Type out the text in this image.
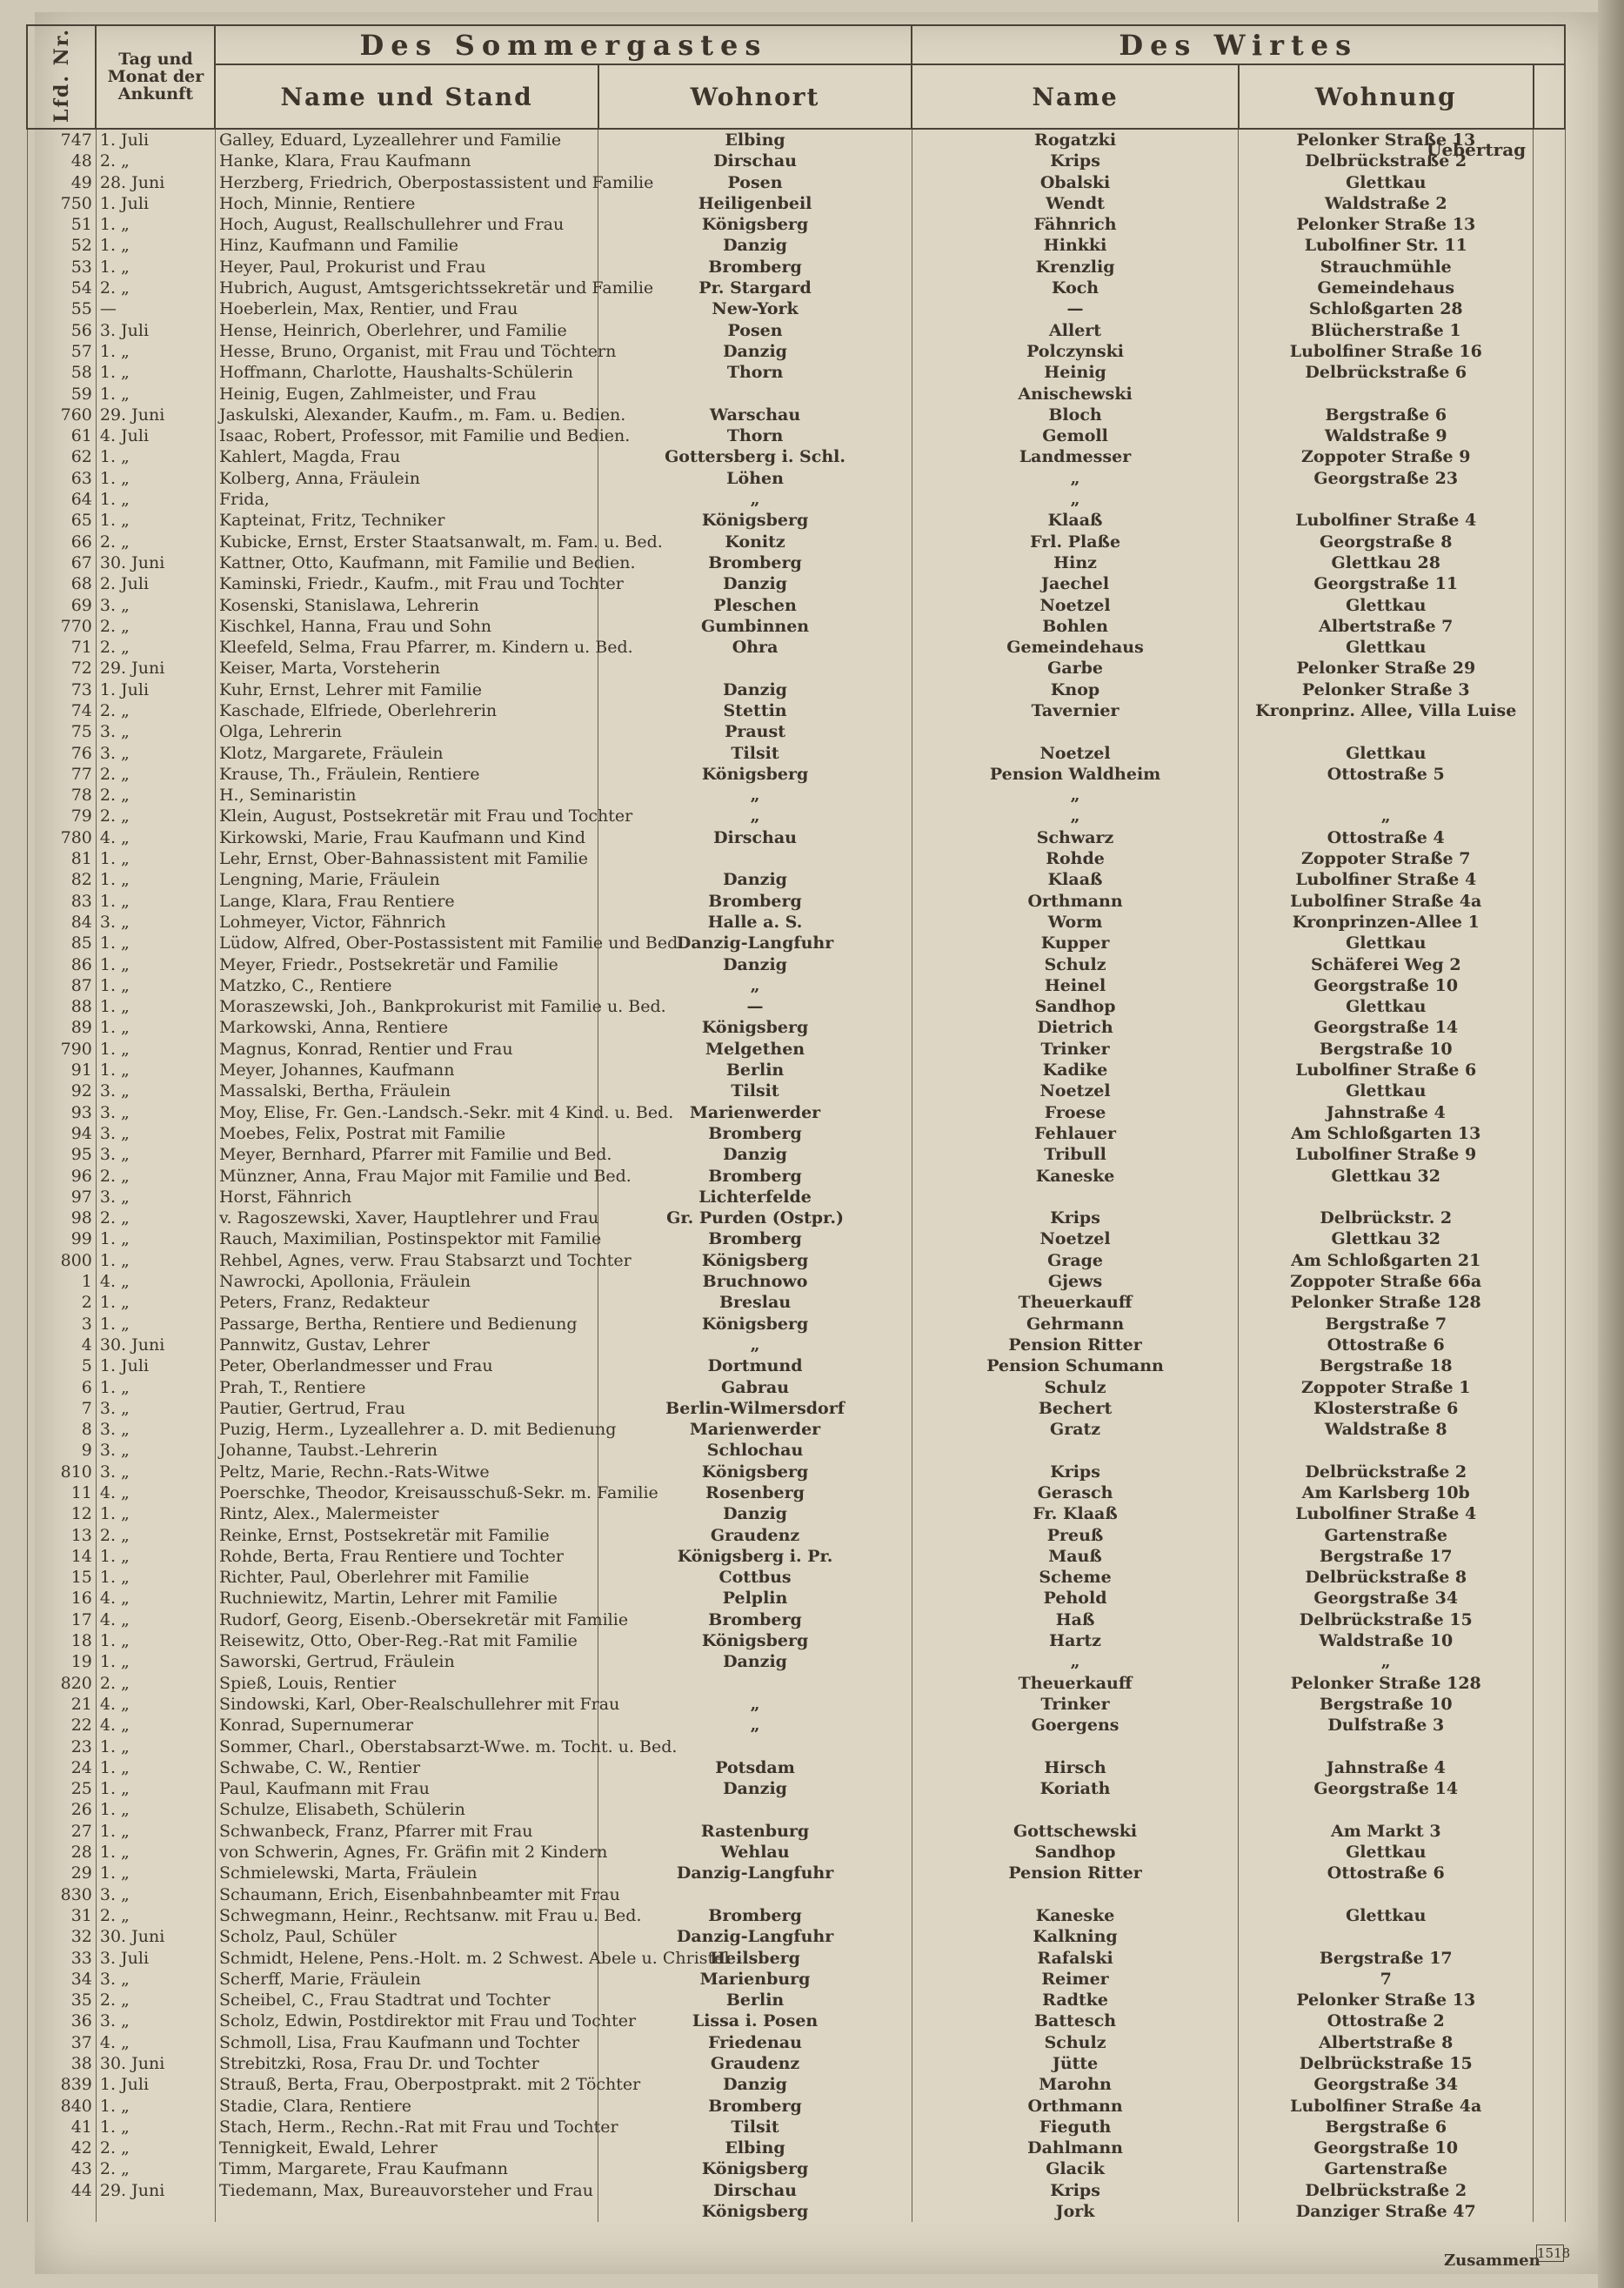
Lfd. Nr.	Tag und Monat der Ankunft	Des Sommergastes		Des Wirtes		
		Name und Stand	Wohnort	Name	Wohnung	
747	1. Juli	Galley, Eduard, Lyzeallehrer und Familie	Elbing	Rogatzki	Pelonker Straße 13	
48	2. „	Hanke, Klara, Frau Kaufmann	Dirschau	Krips	Delbrückstraße 2	
49	28. Juni	Herzberg, Friedrich, Oberpostassistent und Familie	Posen	Obalski	Glettkau	
750	1. Juli	Hoch, Minnie, Rentiere	Heiligenbeil	Wendt	Waldstraße 2	
51	1. „	Hoch, August, Reallschullehrer und Frau	Königsberg	Fähnrich	Pelonker Straße 13	
52	1. „	Hinz, Kaufmann und Familie	Danzig	Hinkki	Lubolfiner Str. 11	
53	1. „	Heyer, Paul, Prokurist und Frau	Bromberg	Krenzlig	Strauchmühle	
54	2. „	Hubrich, August, Amtsgerichtssekretär und Familie	Pr. Stargard	Koch	Gemeindehaus	
55	—	Hoeberlein, Max, Rentier, und Frau	New-York	—	Schloßgarten 28	
56	3. Juli	Hense, Heinrich, Oberlehrer, und Familie	Posen	Allert	Blücherstraße 1	
57	1. „	Hesse, Bruno, Organist, mit Frau und Töchtern	Danzig	Polczynski	Lubolfiner Straße 16	
58	1. „	Hoffmann, Charlotte, Haushalts-Schülerin	Thorn	Heinig	Delbrückstraße 6	
59	1. „	Heinig, Eugen, Zahlmeister, und Frau		Anischewski		
760	29. Juni	Jaskulski, Alexander, Kaufm., m. Fam. u. Bedien.	Warschau	Bloch	Bergstraße 6	
61	4. Juli	Isaac, Robert, Professor, mit Familie und Bedien.	Thorn	Gemoll	Waldstraße 9	
62	1. „	Kahlert, Magda, Frau	Gottersberg i. Schl.	Landmesser	Zoppoter Straße 9	
63	1. „	Kolberg, Anna, Fräulein	Löhen	„	Georgstraße 23	
64	1. „	Frida,	„	„		
65	1. „	Kapteinat, Fritz, Techniker	Königsberg	Klaaß	Lubolfiner Straße 4	
66	2. „	Kubicke, Ernst, Erster Staatsanwalt, m. Fam. u. Bed.	Konitz	Frl. Plaße	Georgstraße 8	
67	30. Juni	Kattner, Otto, Kaufmann, mit Familie und Bedien.	Bromberg	Hinz	Glettkau 28	
68	2. Juli	Kaminski, Friedr., Kaufm., mit Frau und Tochter	Danzig	Jaechel	Georgstraße 11	
69	3. „	Kosenski, Stanislawa, Lehrerin	Pleschen	Noetzel	Glettkau	
770	2. „	Kischkel, Hanna, Frau und Sohn	Gumbinnen	Bohlen	Albertstraße 7	
71	2. „	Kleefeld, Selma, Frau Pfarrer, m. Kindern u. Bed.	Ohra	Gemeindehaus	Glettkau	
72	29. Juni	Keiser, Marta, Vorsteherin		Garbe	Pelonker Straße 29	
73	1. Juli	Kuhr, Ernst, Lehrer mit Familie	Danzig	Knop	Pelonker Straße 3	
74	2. „	Kaschade, Elfriede, Oberlehrerin	Stettin	Tavernier	Kronprinz. Allee, Villa Luise	
75	3. „	Olga, Lehrerin	Praust			
76	3. „	Klotz, Margarete, Fräulein	Tilsit	Noetzel	Glettkau	
77	2. „	Krause, Th., Fräulein, Rentiere	Königsberg	Pension Waldheim	Ottostraße 5	
78	2. „	H., Seminaristin	„	„		
79	2. „	Klein, August, Postsekretär mit Frau und Tochter	„	„	„	
780	4. „	Kirkowski, Marie, Frau Kaufmann und Kind	Dirschau	Schwarz	Ottostraße 4	
81	1. „	Lehr, Ernst, Ober-Bahnassistent mit Familie		Rohde	Zoppoter Straße 7	
82	1. „	Lengning, Marie, Fräulein	Danzig	Klaaß	Lubolfiner Straße 4	
83	1. „	Lange, Klara, Frau Rentiere	Bromberg	Orthmann	Lubolfiner Straße 4a	
84	3. „	Lohmeyer, Victor, Fähnrich	Halle a. S.	Worm	Kronprinzen-Allee 1	
85	1. „	Lüdow, Alfred, Ober-Postassistent mit Familie und Bed.	Danzig-Langfuhr	Kupper	Glettkau	
86	1. „	Meyer, Friedr., Postsekretär und Familie	Danzig	Schulz	Schäferei Weg 2	
87	1. „	Matzko, C., Rentiere	„	Heinel	Georgstraße 10	
88	1. „	Moraszewski, Joh., Bankprokurist mit Familie u. Bed.	—	Sandhop	Glettkau	
89	1. „	Markowski, Anna, Rentiere	Königsberg	Dietrich	Georgstraße 14	
790	1. „	Magnus, Konrad, Rentier und Frau	Melgethen	Trinker	Bergstraße 10	
91	1. „	Meyer, Johannes, Kaufmann	Berlin	Kadike	Lubolfiner Straße 6	
92	3. „	Massalski, Bertha, Fräulein	Tilsit	Noetzel	Glettkau	
93	3. „	Moy, Elise, Fr. Gen.-Landsch.-Sekr. mit 4 Kind. u. Bed.	Marienwerder	Froese	Jahnstraße 4	
94	3. „	Moebes, Felix, Postrat mit Familie	Bromberg	Fehlauer	Am Schloßgarten 13	
95	3. „	Meyer, Bernhard, Pfarrer mit Familie und Bed.	Danzig	Tribull	Lubolfiner Straße 9	
96	2. „	Münzner, Anna, Frau Major mit Familie und Bed.	Bromberg	Kaneske	Glettkau 32	
97	3. „	Horst, Fähnrich	Lichterfelde			
98	2. „	v. Ragoszewski, Xaver, Hauptlehrer und Frau	Gr. Purden (Ostpr.)	Krips	Delbrückstr. 2	
99	1. „	Rauch, Maximilian, Postinspektor mit Familie	Bromberg	Noetzel	Glettkau 32	
800	1. „	Rehbel, Agnes, verw. Frau Stabsarzt und Tochter	Königsberg	Grage	Am Schloßgarten 21	
1	4. „	Nawrocki, Apollonia, Fräulein	Bruchnowo	Gjews	Zoppoter Straße 66a	
2	1. „	Peters, Franz, Redakteur	Breslau	Theuerkauff	Pelonker Straße 128	
3	1. „	Passarge, Bertha, Rentiere und Bedienung	Königsberg	Gehrmann	Bergstraße 7	
4	30. Juni	Pannwitz, Gustav, Lehrer	„	Pension Ritter	Ottostraße 6	
5	1. Juli	Peter, Oberlandmesser und Frau	Dortmund	Pension Schumann	Bergstraße 18	
6	1. „	Prah, T., Rentiere	Gabrau	Schulz	Zoppoter Straße 1	
7	3. „	Pautier, Gertrud, Frau	Berlin-Wilmersdorf	Bechert	Klosterstraße 6	
8	3. „	Puzig, Herm., Lyzeallehrer a. D. mit Bedienung	Marienwerder	Gratz	Waldstraße 8	
9	3. „	Johanne, Taubst.-Lehrerin	Schlochau			
810	3. „	Peltz, Marie, Rechn.-Rats-Witwe	Königsberg	Krips	Delbrückstraße 2	
11	4. „	Poerschke, Theodor, Kreisausschuß-Sekr. m. Familie	Rosenberg	Gerasch	Am Karlsberg 10b	
12	1. „	Rintz, Alex., Malermeister	Danzig	Fr. Klaaß	Lubolfiner Straße 4	
13	2. „	Reinke, Ernst, Postsekretär mit Familie	Graudenz	Preuß	Gartenstraße	
14	1. „	Rohde, Berta, Frau Rentiere und Tochter	Königsberg i. Pr.	Mauß	Bergstraße 17	
15	1. „	Richter, Paul, Oberlehrer mit Familie	Cottbus	Scheme	Delbrückstraße 8	
16	4. „	Ruchniewitz, Martin, Lehrer mit Familie	Pelplin	Pehold	Georgstraße 34	
17	4. „	Rudorf, Georg, Eisenb.-Obersekretär mit Familie	Bromberg	Haß	Delbrückstraße 15	
18	1. „	Reisewitz, Otto, Ober-Reg.-Rat mit Familie	Königsberg	Hartz	Waldstraße 10	
19	1. „	Saworski, Gertrud, Fräulein	Danzig	„	„	
820	2. „	Spieß, Louis, Rentier		Theuerkauff	Pelonker Straße 128	
21	4. „	Sindowski, Karl, Ober-Realschullehrer mit Frau	„	Trinker	Bergstraße 10	
22	4. „	Konrad, Supernumerar	„	Goergens	Dulfstraße 3	
23	1. „	Sommer, Charl., Oberstabsarzt-Wwe. m. Tocht. u. Bed.				
24	1. „	Schwabe, C. W., Rentier	Potsdam	Hirsch	Jahnstraße 4	
25	1. „	Paul, Kaufmann mit Frau	Danzig	Koriath	Georgstraße 14	
26	1. „	Schulze, Elisabeth, Schülerin				
27	1. „	Schwanbeck, Franz, Pfarrer mit Frau	Rastenburg	Gottschewski	Am Markt 3	
28	1. „	von Schwerin, Agnes, Fr. Gräfin mit 2 Kindern	Wehlau	Sandhop	Glettkau	
29	1. „	Schmielewski, Marta, Fräulein	Danzig-Langfuhr	Pension Ritter	Ottostraße 6	
830	3. „	Schaumann, Erich, Eisenbahnbeamter mit Frau				
31	2. „	Schwegmann, Heinr., Rechtsanw. mit Frau u. Bed.	Bromberg	Kaneske	Glettkau	
32	30. Juni	Scholz, Paul, Schüler	Danzig-Langfuhr	Kalkning		
33	3. Juli	Schmidt, Helene, Pens.-Holt. m. 2 Schwest. Abele u. Christel	Heilsberg	Rafalski	Bergstraße 17	
34	3. „	Scherff, Marie, Fräulein	Marienburg	Reimer	7	
35	2. „	Scheibel, C., Frau Stadtrat und Tochter	Berlin	Radtke	Pelonker Straße 13	
36	3. „	Scholz, Edwin, Postdirektor mit Frau und Tochter	Lissa i. Posen	Battesch	Ottostraße 2	
37	4. „	Schmoll, Lisa, Frau Kaufmann und Tochter	Friedenau	Schulz	Albertstraße 8	
38	30. Juni	Strebitzki, Rosa, Frau Dr. und Tochter	Graudenz	Jütte	Delbrückstraße 15	
839	1. Juli	Strauß, Berta, Frau, Oberpostprakt. mit 2 Töchter	Danzig	Marohn	Georgstraße 34	
840	1. „	Stadie, Clara, Rentiere	Bromberg	Orthmann	Lubolfiner Straße 4a	
41	1. „	Stach, Herm., Rechn.-Rat mit Frau und Tochter	Tilsit	Fieguth	Bergstraße 6	
42	2. „	Tennigkeit, Ewald, Lehrer	Elbing	Dahlmann	Georgstraße 10	
43	2. „	Timm, Margarete, Frau Kaufmann	Königsberg	Glacik	Gartenstraße	
44	29. Juni	Tiedemann, Max, Bureauvorsteher und Frau	Dirschau	Krips	Delbrückstraße 2	
			Königsberg	Jork	Danziger Straße 47	
Uebertrag
Zusammen
1518
